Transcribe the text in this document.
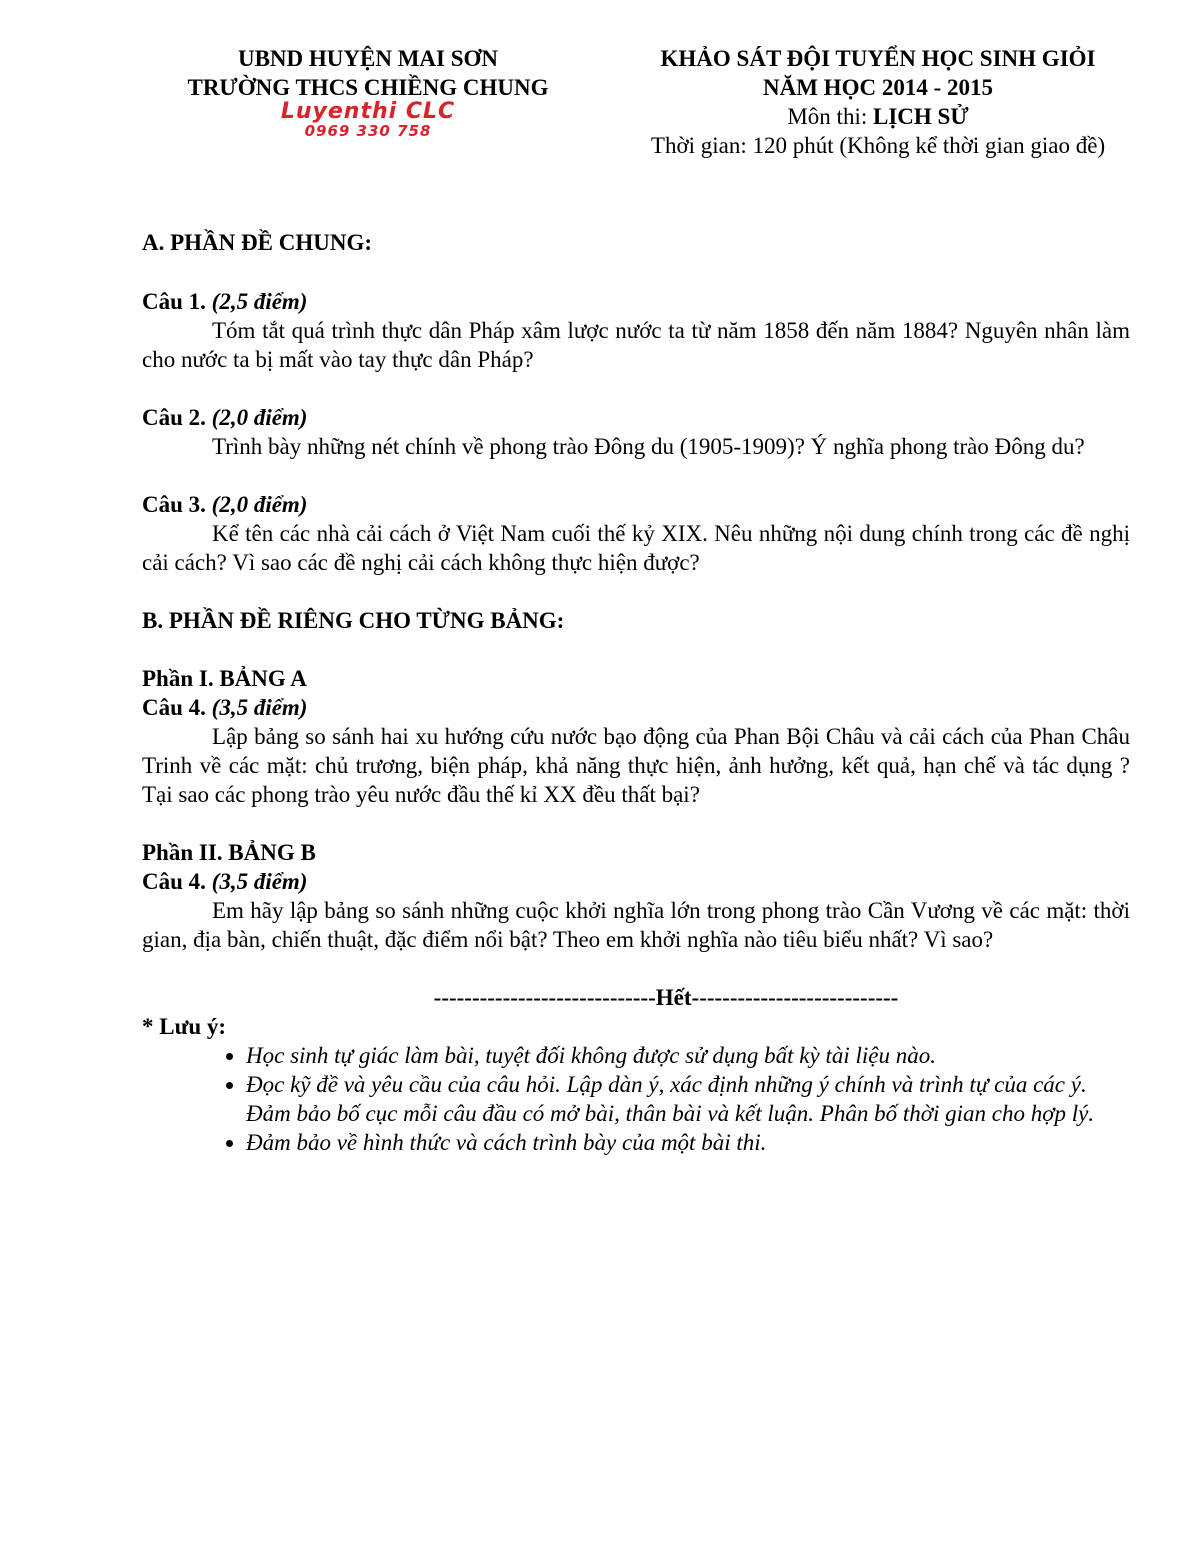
UBND HUYỆN MAI SƠN
TRƯỜNG THCS CHIỀNG CHUNG
Luyenthi CLC
0969 330 758
KHẢO SÁT ĐỘI TUYỂN HỌC SINH GIỎI
NĂM HỌC 2014 - 2015
Môn thi: LỊCH SỬ
Thời gian: 120 phút (Không kể thời gian giao đề)

A. PHẦN ĐỀ CHUNG:

Câu 1. (2,5 điểm)

Tóm tắt quá trình thực dân Pháp xâm lược nước ta từ năm 1858 đến năm 1884? Nguyên nhân làm cho nước ta bị mất vào tay thực dân Pháp?

Câu 2. (2,0 điểm)

Trình bày những nét chính về phong trào Đông du (1905-1909)? Ý nghĩa phong trào Đông du?

Câu 3. (2,0 điểm)

Kể tên các nhà cải cách ở Việt Nam cuối thế kỷ XIX. Nêu những nội dung chính trong các đề nghị cải cách? Vì sao các đề nghị cải cách không thực hiện được?

B. PHẦN ĐỀ RIÊNG CHO TỪNG BẢNG:

Phần I. BẢNG A

Câu 4. (3,5 điểm)

Lập bảng so sánh hai xu hướng cứu nước bạo động của Phan Bội Châu và cải cách của Phan Châu Trinh về các mặt: chủ trương, biện pháp, khả năng thực hiện, ảnh hưởng, kết quả, hạn chế và tác dụng ? Tại sao các phong trào yêu nước đầu thế kỉ XX đều thất bại?

Phần II. BẢNG B

Câu 4. (3,5 điểm)

Em hãy lập bảng so sánh những cuộc khởi nghĩa lớn trong phong trào Cần Vương về các mặt: thời gian, địa bàn, chiến thuật, đặc điểm nổi bật? Theo em khởi nghĩa nào tiêu biểu nhất? Vì sao?

-----------------------------Hết---------------------------

* Lưu ý:

• Học sinh tự giác làm bài, tuyệt đối không được sử dụng bất kỳ tài liệu nào.
• Đọc kỹ đề và yêu cầu của câu hỏi. Lập dàn ý, xác định những ý chính và trình tự của các ý. Đảm bảo bố cục mỗi câu đầu có mở bài, thân bài và kết luận. Phân bố thời gian cho hợp lý.
• Đảm bảo về hình thức và cách trình bày của một bài thi.
